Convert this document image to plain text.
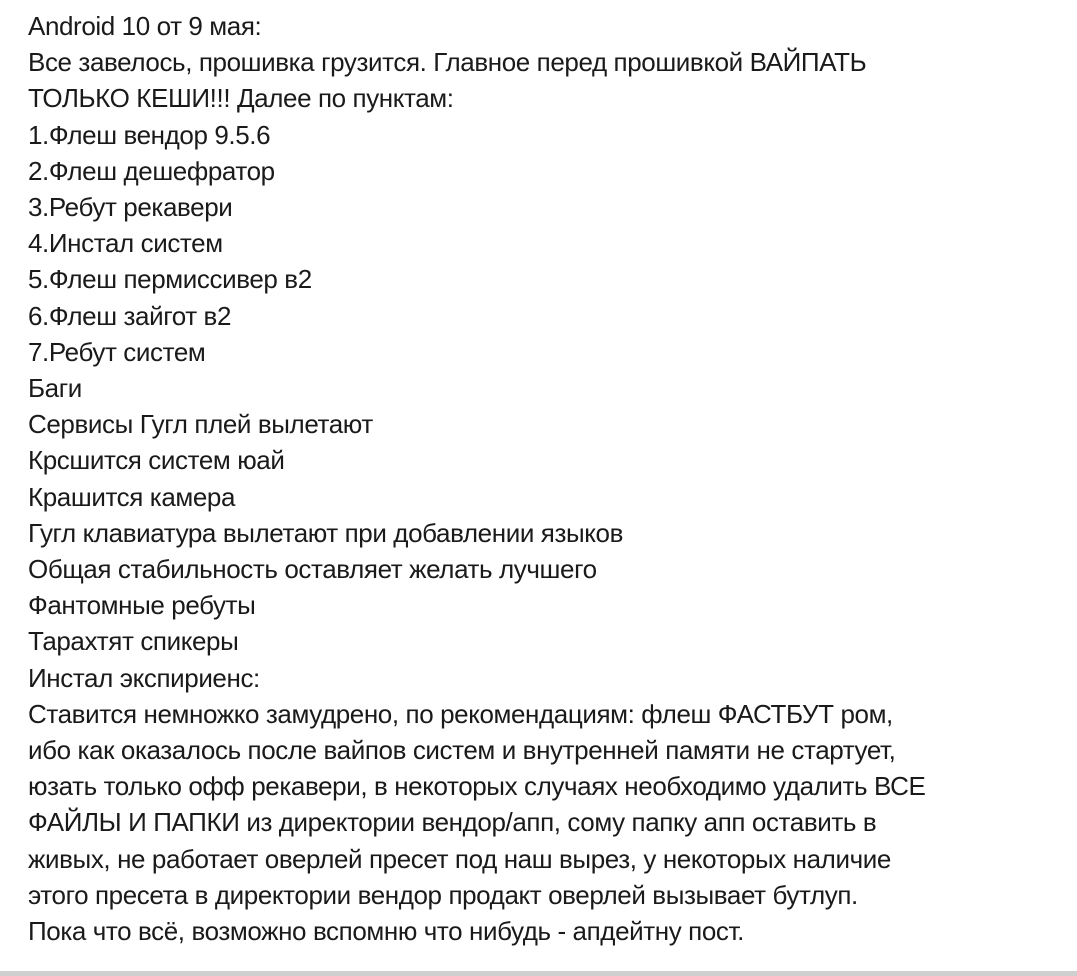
Android 10 от 9 мая:
Все завелось, прошивка грузится. Главное перед прошивкой ВАЙПАТЬ
ТОЛЬКО КЕШИ!!! Далее по пунктам:
1.Флеш вендор 9.5.6
2.Флеш дешефратор
3.Ребут рекавери
4.Инстал систем
5.Флеш пермиссивер в2
6.Флеш зайгот в2
7.Ребут систем
Баги
Сервисы Гугл плей вылетают
Крсшится систем юай
Крашится камера
Гугл клавиатура вылетают при добавлении языков
Общая стабильность оставляет желать лучшего
Фантомные ребуты
Тарахтят спикеры
Инстал экспириенс:
Ставится немножко замудрено, по рекомендациям: флеш ФАСТБУТ ром,
ибо как оказалось после вайпов систем и внутренней памяти не стартует,
юзать только офф рекавери, в некоторых случаях необходимо удалить ВСЕ
ФАЙЛЫ И ПАПКИ из директории вендор/апп, сому папку апп оставить в
живых, не работает оверлей пресет под наш вырез, у некоторых наличие
этого пресета в директории вендор продакт оверлей вызывает бутлуп.
Пока что всё, возможно вспомню что нибудь - апдейтну пост.
